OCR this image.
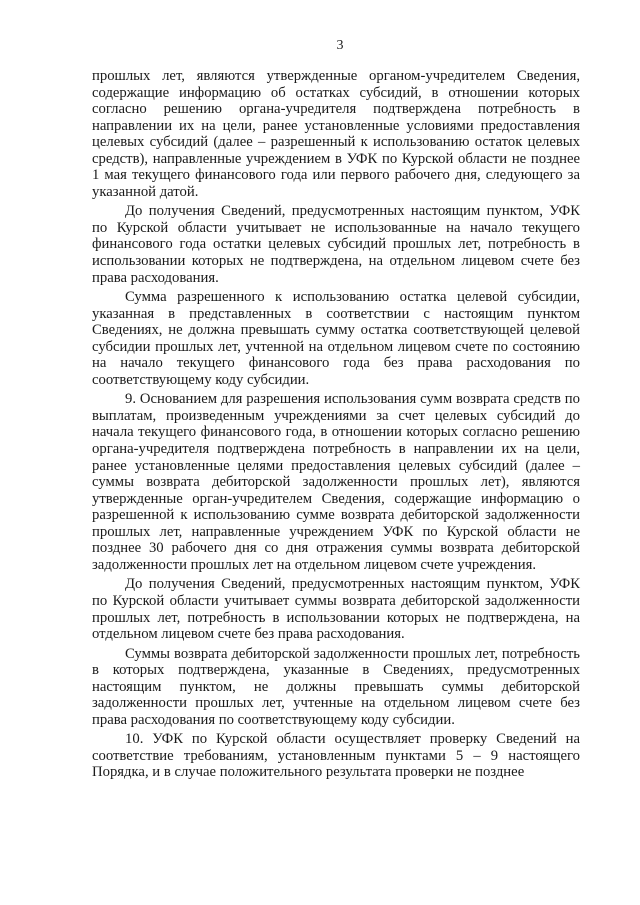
3

прошлых лет, являются утвержденные органом-учредителем Сведения, содержащие информацию об остатках субсидий, в отношении которых согласно решению органа-учредителя подтверждена потребность в направлении их на цели, ранее установленные условиями предоставления целевых субсидий (далее – разрешенный к использованию остаток целевых средств), направленные учреждением в УФК по Курской области не позднее 1 мая текущего финансового года или первого рабочего дня, следующего за указанной датой.

До получения Сведений, предусмотренных настоящим пунктом, УФК по Курской области учитывает не использованные на начало текущего финансового года остатки целевых субсидий прошлых лет, потребность в использовании которых не подтверждена, на отдельном лицевом счете без права расходования.

Сумма разрешенного к использованию остатка целевой субсидии, указанная в представленных в соответствии с настоящим пунктом Сведениях, не должна превышать сумму остатка соответствующей целевой субсидии прошлых лет, учтенной на отдельном лицевом счете по состоянию на начало текущего финансового года без права расходования по соответствующему коду субсидии.

9. Основанием для разрешения использования сумм возврата средств по выплатам, произведенным учреждениями за счет целевых субсидий до начала текущего финансового года, в отношении которых согласно решению органа-учредителя подтверждена потребность в направлении их на цели, ранее установленные целями предоставления целевых субсидий (далее – суммы возврата дебиторской задолженности прошлых лет), являются утвержденные орган-учредителем Сведения, содержащие информацию о разрешенной к использованию сумме возврата дебиторской задолженности прошлых лет, направленные учреждением УФК по Курской области не позднее 30 рабочего дня со дня отражения суммы возврата дебиторской задолженности прошлых лет на отдельном лицевом счете учреждения.

До получения Сведений, предусмотренных настоящим пунктом, УФК по Курской области учитывает суммы возврата дебиторской задолженности прошлых лет, потребность в использовании которых не подтверждена, на отдельном лицевом счете без права расходования.

Суммы возврата дебиторской задолженности прошлых лет, потребность в которых подтверждена, указанные в Сведениях, предусмотренных настоящим пунктом, не должны превышать суммы дебиторской задолженности прошлых лет, учтенные на отдельном лицевом счете без права расходования по соответствующему коду субсидии.

10. УФК по Курской области осуществляет проверку Сведений на соответствие требованиям, установленным пунктами 5 – 9 настоящего Порядка, и в случае положительного результата проверки не позднее
